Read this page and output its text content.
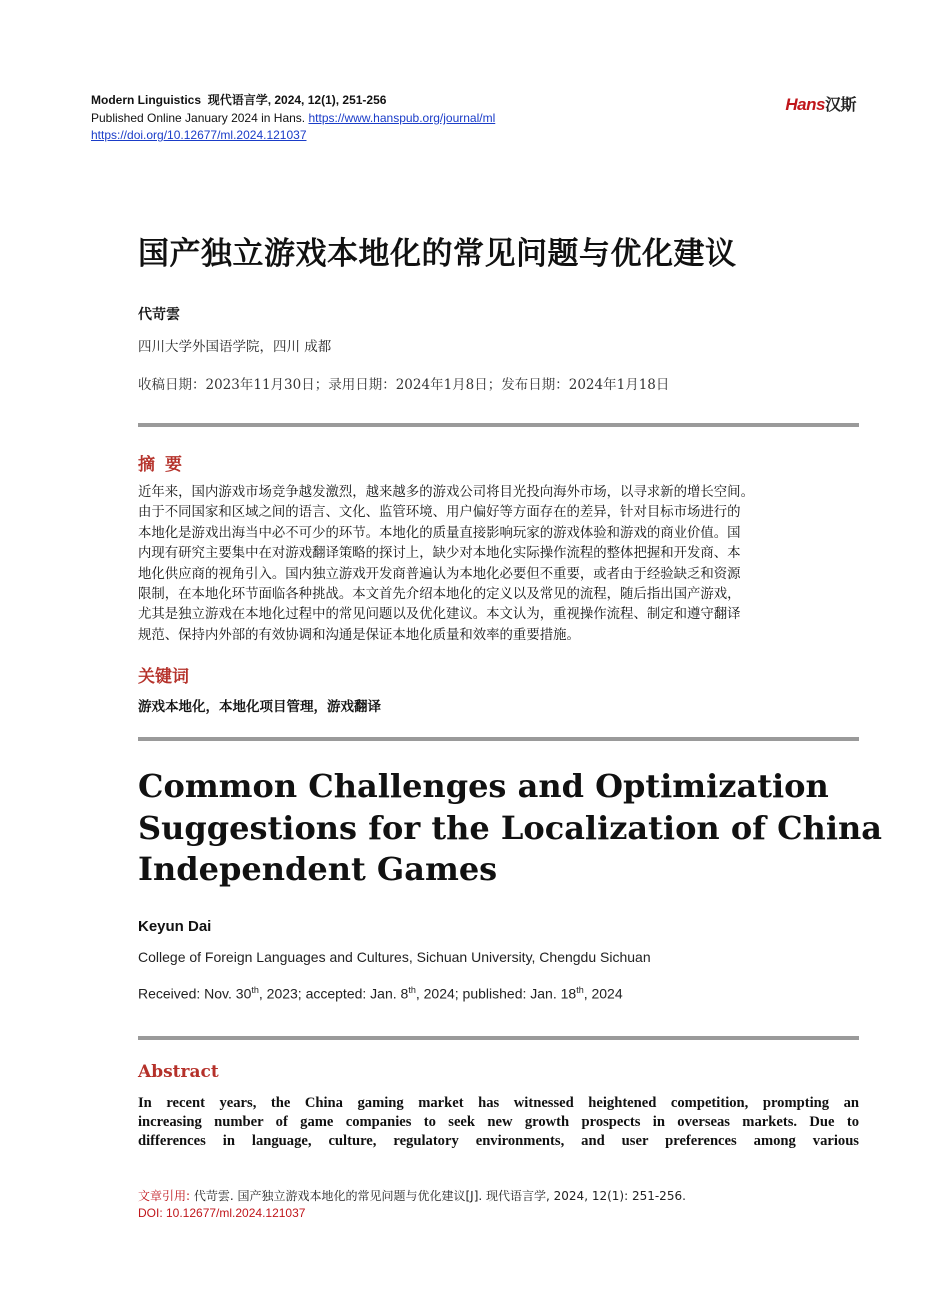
Modern Linguistics 现代语言学, 2024, 12(1), 251-256
Published Online January 2024 in Hans. https://www.hanspub.org/journal/ml
https://doi.org/10.12677/ml.2024.121037
Hans汉斯
国产独立游戏本地化的常见问题与优化建议
代苛雲
四川大学外国语学院，四川 成都
收稿日期：2023年11月30日；录用日期：2024年1月8日；发布日期：2024年1月18日
摘要
近年来，国内游戏市场竞争越发激烈，越来越多的游戏公司将目光投向海外市场，以寻求新的增长空间。
由于不同国家和区域之间的语言、文化、监管环境、用户偏好等方面存在的差异，针对目标市场进行的
本地化是游戏出海当中必不可少的环节。本地化的质量直接影响玩家的游戏体验和游戏的商业价值。国
内现有研究主要集中在对游戏翻译策略的探讨上，缺少对本地化实际操作流程的整体把握和开发商、本
地化供应商的视角引入。国内独立游戏开发商普遍认为本地化必要但不重要，或者由于经验缺乏和资源
限制，在本地化环节面临各种挑战。本文首先介绍本地化的定义以及常见的流程，随后指出国产游戏，
尤其是独立游戏在本地化过程中的常见问题以及优化建议。本文认为，重视操作流程、制定和遵守翻译
规范、保持内外部的有效协调和沟通是保证本地化质量和效率的重要措施。
关键词
游戏本地化，本地化项目管理，游戏翻译
Common Challenges and Optimization
Suggestions for the Localization of China
Independent Games
Keyun Dai
College of Foreign Languages and Cultures, Sichuan University, Chengdu Sichuan
Received: Nov. 30th, 2023; accepted: Jan. 8th, 2024; published: Jan. 18th, 2024
Abstract
In recent years, the China gaming market has witnessed heightened competition, prompting an
increasing number of game companies to seek new growth prospects in overseas markets. Due to
differences in language, culture, regulatory environments, and user preferences among various
文章引用: 代苛雲. 国产独立游戏本地化的常见问题与优化建议[J]. 现代语言学, 2024, 12(1): 251-256.
DOI: 10.12677/ml.2024.121037
